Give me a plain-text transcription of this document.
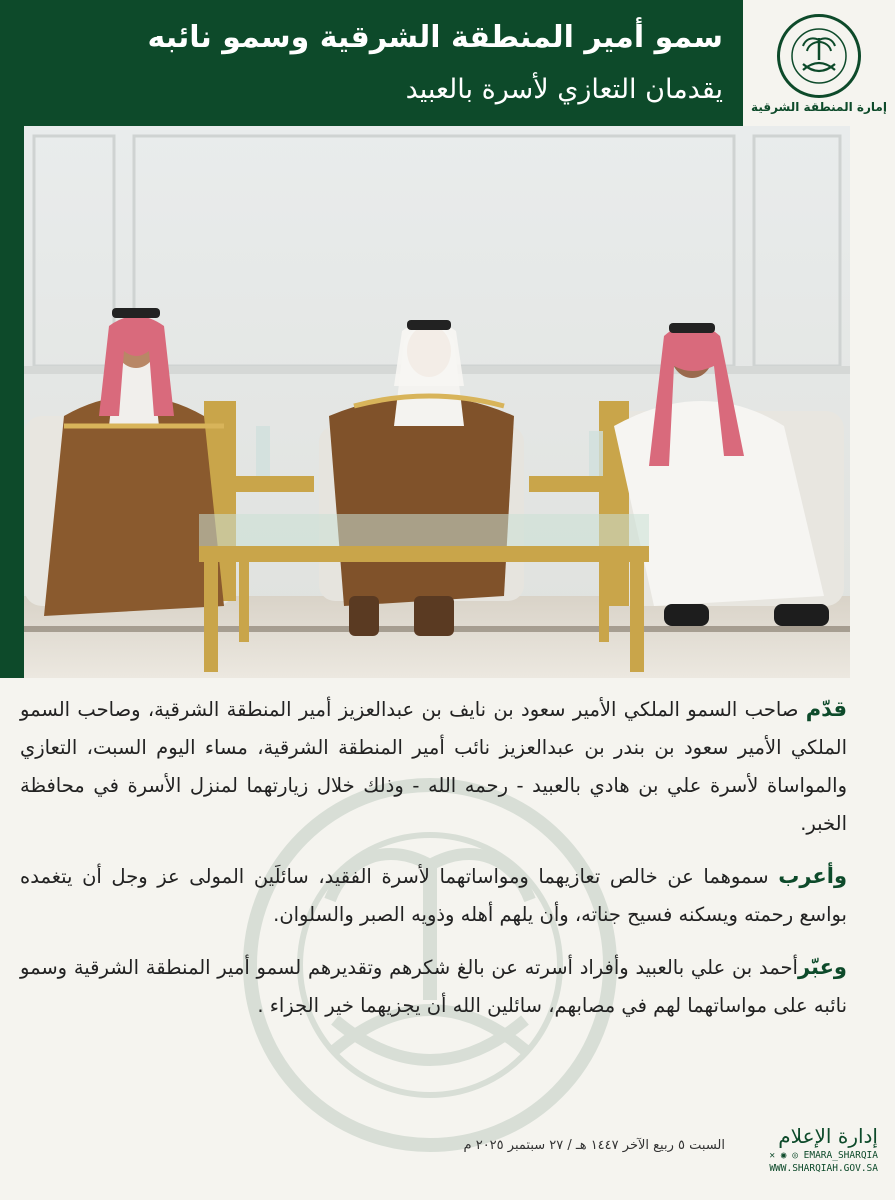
سمو أمير المنطقة الشرقية وسمو نائبه
يقدمان التعازي لأسرة بالعبيد
إمارة المنطقة الشرقية

قدّم صاحب السمو الملكي الأمير سعود بن نايف بن عبدالعزيز أمير المنطقة الشرقية، وصاحب السمو الملكي الأمير سعود بن بندر بن عبدالعزيز نائب أمير المنطقة الشرقية، مساء اليوم السبت، التعازي والمواساة لأسرة علي بن هادي بالعبيد - رحمه الله - وذلك خلال زيارتهما لمنزل الأسرة في محافظة الخبر.

وأعرب سموهما عن خالص تعازيهما ومواساتهما لأسرة الفقيد، سائلَين المولى عز وجل أن يتغمده بواسع رحمته ويسكنه فسيح جناته، وأن يلهم أهله وذويه الصبر والسلوان.

وعبّرأحمد بن علي بالعبيد وأفراد أسرته عن بالغ شكرهم وتقديرهم لسمو أمير المنطقة الشرقية وسمو نائبه على مواساتهما لهم في مصابهم، سائلين الله أن يجزيهما خير الجزاء .

إدارة الإعلام
✕ ◉ ◎ EMARA_SHARQIA
WWW.SHARQIAH.GOV.SA
السبت ٥ ربيع الآخر ١٤٤٧ هـ / ٢٧ سبتمبر ٢٠٢٥ م
